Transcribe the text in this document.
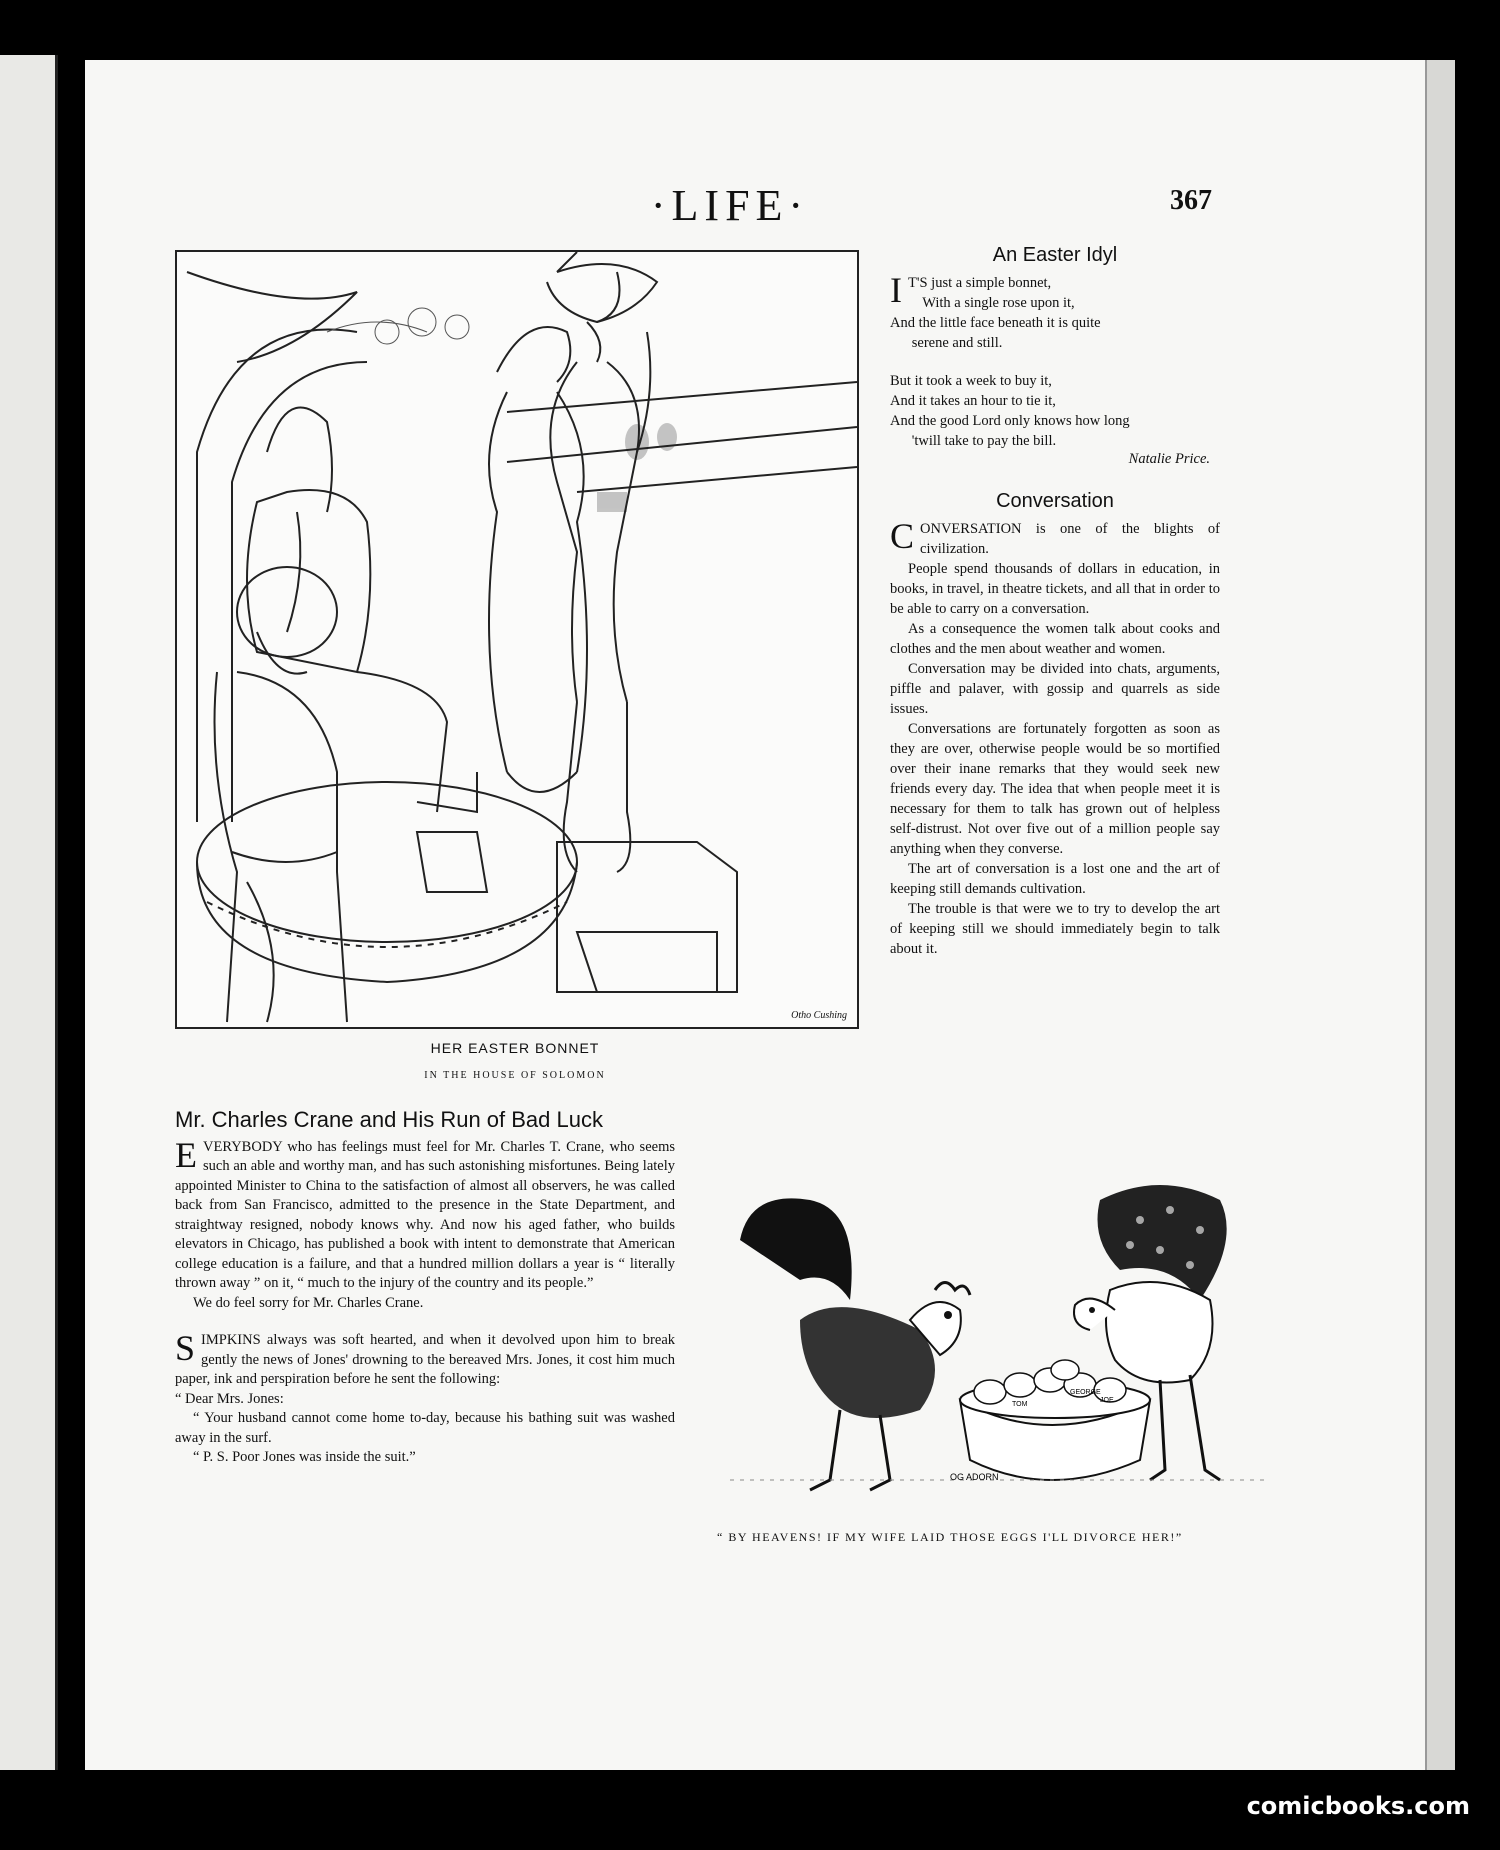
·LIFE·	367
Otho Cushing
HER EASTER BONNET
IN THE HOUSE OF SOLOMON
An Easter Idyl
I T'S just a simple bonnet,

With a single rose upon it,

And the little face beneath it is quite

serene and still.

But it took a week to buy it,

And it takes an hour to tie it,

And the good Lord only knows how long

'twill take to pay the bill.

Natalie Price.
Conversation

CONVERSATION is one of the blights of civilization.

People spend thousands of dollars in education, in books, in travel, in theatre tickets, and all that in order to be able to carry on a conversation.

As a consequence the women talk about cooks and clothes and the men about weather and women.

Conversation may be divided into chats, arguments, piffle and palaver, with gossip and quarrels as side issues.

Conversations are fortunately forgotten as soon as they are over, otherwise people would be so mortified over their inane remarks that they would seek new friends every day. The idea that when people meet it is necessary for them to talk has grown out of helpless self-distrust. Not over five out of a million people say anything when they converse.

The art of conversation is a lost one and the art of keeping still demands cultivation.

The trouble is that were we to try to develop the art of keeping still we should immediately begin to talk about it.

Mr. Charles Crane and His Run of Bad Luck

EVERYBODY who has feelings must feel for Mr. Charles T. Crane, who seems such an able and worthy man, and has such astonishing misfortunes. Being lately appointed Minister to China to the satisfaction of almost all observers, he was called back from San Francisco, admitted to the presence in the State Department, and straightway resigned, nobody knows why. And now his aged father, who builds elevators in Chicago, has published a book with intent to demonstrate that American college education is a failure, and that a hundred million dollars a year is “ literally thrown away ” on it, “ much to the injury of the country and its people.”

We do feel sorry for Mr. Charles Crane.

SIMPKINS always was soft hearted, and when it devolved upon him to break gently the news of Jones' drowning to the bereaved Mrs. Jones, it cost him much paper, ink and perspiration before he sent the following:

“ Dear Mrs. Jones:

“ Your husband cannot come home to-day, because his bathing suit was washed away in the surf.

“ P. S. Poor Jones was inside the suit.”

GEORGE
TOM
JOE
OG ADORN
“ BY HEAVENS! IF MY WIFE LAID THOSE EGGS I'LL DIVORCE HER!”
comicbooks.com
